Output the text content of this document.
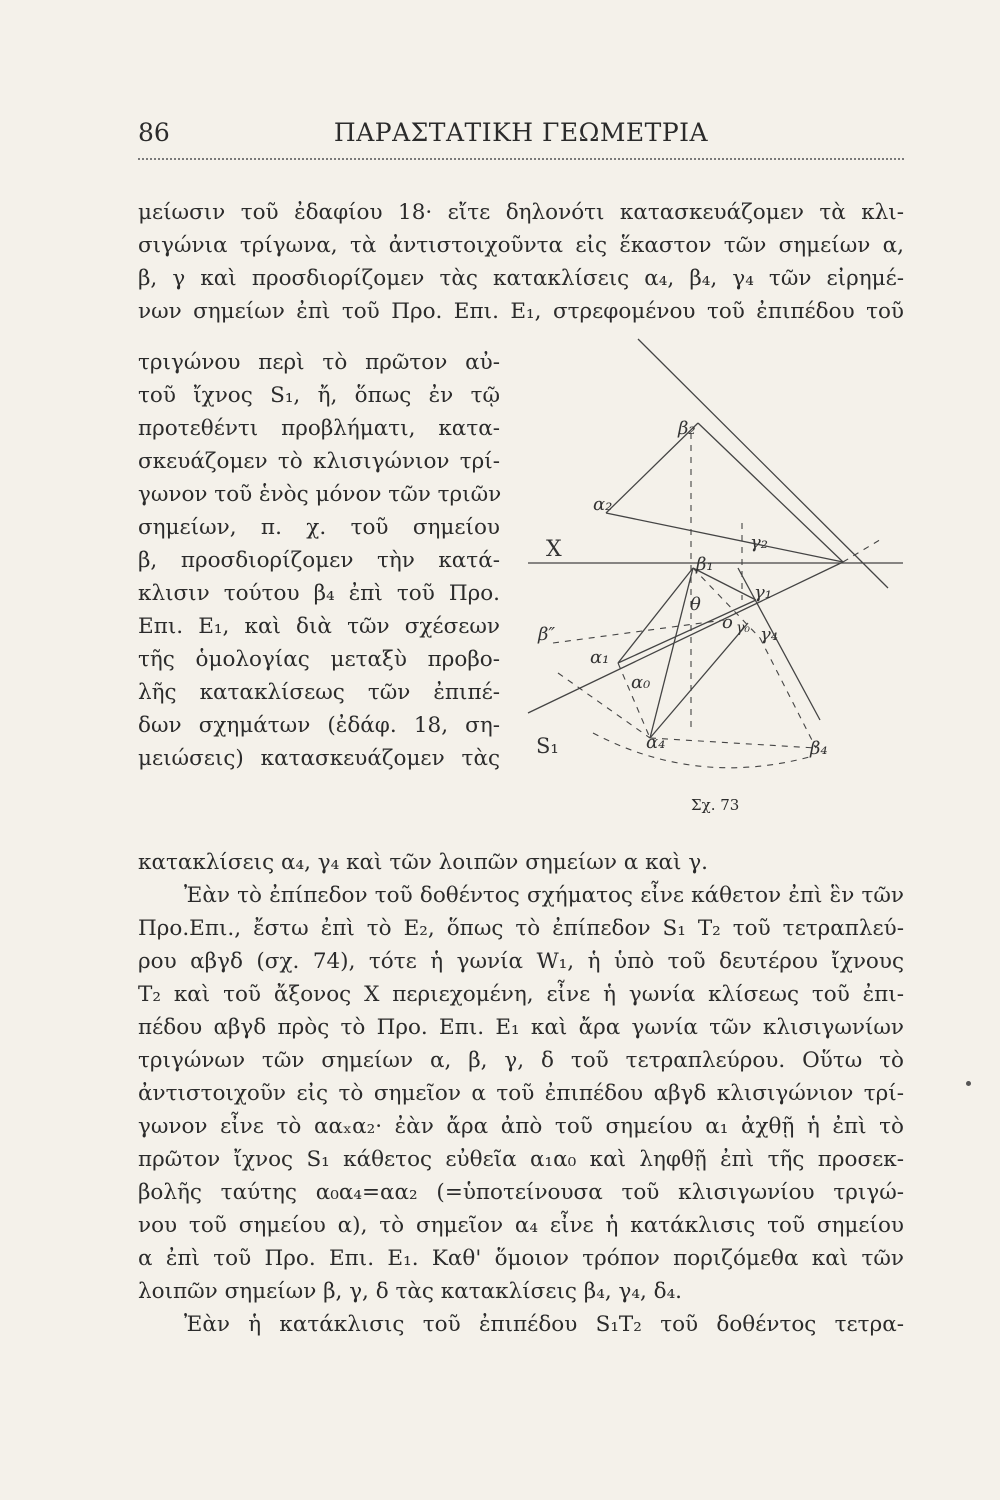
86	ΠΑΡΑΣΤΑΤΙΚΗ ΓΕΩΜΕΤΡΙΑ
μείωσιν τοῦ ἐδαφίου 18· εἴτε δηλονότι κατασκευάζομεν τὰ κλι-
σιγώνια τρίγωνα, τὰ ἀντιστοιχοῦντα εἰς ἕκαστον τῶν σημείων α,
β, γ καὶ προσδιορίζομεν τὰς κατακλίσεις α₄, β₄, γ₄ τῶν εἰρημέ-
νων σημείων ἐπὶ τοῦ Προ. Επι. Ε₁, στρεφομένου τοῦ ἐπιπέδου τοῦ
τριγώνου περὶ τὸ πρῶτον αὐ-
τοῦ ἴχνος S₁, ἤ, ὅπως ἐν τῷ
προτεθέντι προβλήματι, κατα-
σκευάζομεν τὸ κλισιγώνιον τρί-
γωνον τοῦ ἑνὸς μόνον τῶν τριῶν
σημείων, π. χ. τοῦ σημείου
β, προσδιορίζομεν τὴν κατά-
κλισιν τούτου β₄ ἐπὶ τοῦ Προ.
Επι. Ε₁, καὶ διὰ τῶν σχέσεων
τῆς ὁμολογίας μεταξὺ προβο-
λῆς κατακλίσεως τῶν ἐπιπέ-
δων σχημάτων (ἐδάφ. 18, ση-
μειώσεις) κατασκευάζομεν τὰς
κατακλίσεις α₄, γ₄ καὶ τῶν λοιπῶν σημείων α καὶ γ.
Ἐὰν τὸ ἐπίπεδον τοῦ δοθέντος σχήματος εἶνε κάθετον ἐπὶ ἓν τῶν
Προ.Επι., ἔστω ἐπὶ τὸ Ε₂, ὅπως τὸ ἐπίπεδον S₁ T₂ τοῦ τετραπλεύ-
ρου αβγδ (σχ. 74), τότε ἡ γωνία W₁, ἡ ὑπὸ τοῦ δευτέρου ἴχνους
T₂ καὶ τοῦ ἄξονος X περιεχομένη, εἶνε ἡ γωνία κλίσεως τοῦ ἐπι-
πέδου αβγδ πρὸς τὸ Προ. Επι. Ε₁ καὶ ἄρα γωνία τῶν κλισιγωνίων
τριγώνων τῶν σημείων α, β, γ, δ τοῦ τετραπλεύρου. Οὕτω τὸ
ἀντιστοιχοῦν εἰς τὸ σημεῖον α τοῦ ἐπιπέδου αβγδ κλισιγώνιον τρί-
γωνον εἶνε τὸ ααₓα₂· ἐὰν ἄρα ἀπὸ τοῦ σημείου α₁ ἀχθῇ ἡ ἐπὶ τὸ
πρῶτον ἴχνος S₁ κάθετος εὐθεῖα α₁α₀ καὶ ληφθῇ ἐπὶ τῆς προσεκ-
βολῆς ταύτης α₀α₄=αα₂ (=ὑποτείνουσα τοῦ κλισιγωνίου τριγώ-
νου τοῦ σημείου α), τὸ σημεῖον α₄ εἶνε ἡ κατάκλισις τοῦ σημείου
α ἐπὶ τοῦ Προ. Επι. Ε₁. Καθ' ὅμοιον τρόπον ποριζόμεθα καὶ τῶν
λοιπῶν σημείων β, γ, δ τὰς κατακλίσεις β₄, γ₄, δ₄.
Ἐὰν ἡ κατάκλισις τοῦ ἐπιπέδου S₁T₂ τοῦ δοθέντος τετρα-
β₂
α₂
X	γ₂
β₁
θ
γ₁
β″
ο γ₀ γ₄
α₁
α₀
S₁	α₄	β₄
Σχ. 73
